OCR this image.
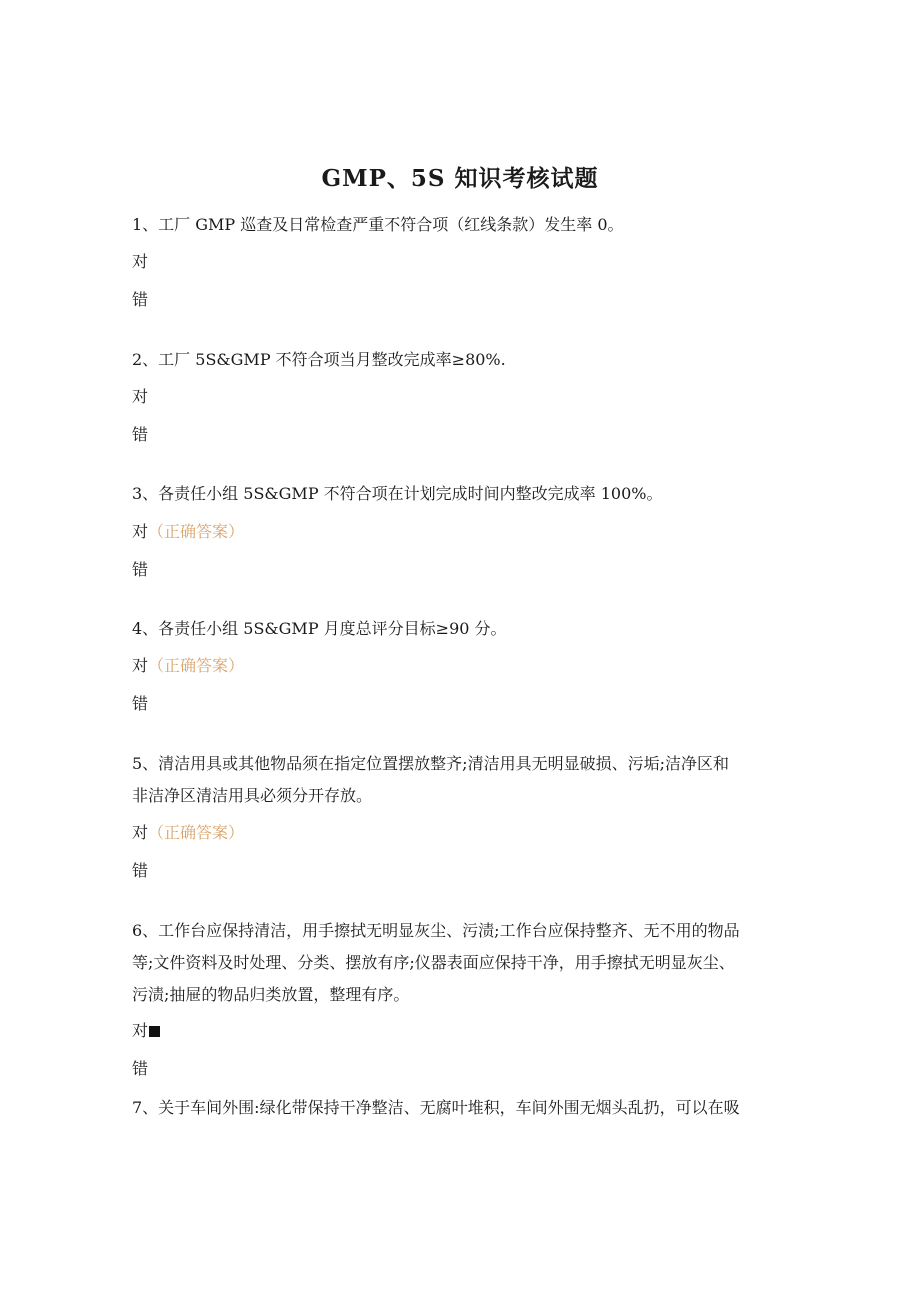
GMP、5S 知识考核试题
1、工厂 GMP 巡查及日常检查严重不符合项（红线条款）发生率 0。
对
错
2、工厂 5S&GMP 不符合项当月整改完成率≥80%.
对
错
3、各责任小组 5S&GMP 不符合项在计划完成时间内整改完成率 100%。
对（正确答案）
错
4、各责任小组 5S&GMP 月度总评分目标≥90 分。
对（正确答案）
错
5、清洁用具或其他物品须在指定位置摆放整齐;清洁用具无明显破损、污垢;洁净区和
非洁净区清洁用具必须分开存放。
对（正确答案）
错
6、工作台应保持清洁，用手擦拭无明显灰尘、污渍;工作台应保持整齐、无不用的物品
等;文件资料及时处理、分类、摆放有序;仪器表面应保持干净，用手擦拭无明显灰尘、
污渍;抽屉的物品归类放置，整理有序。
对
错
7、关于车间外围:绿化带保持干净整洁、无腐叶堆积，车间外围无烟头乱扔，可以在吸
